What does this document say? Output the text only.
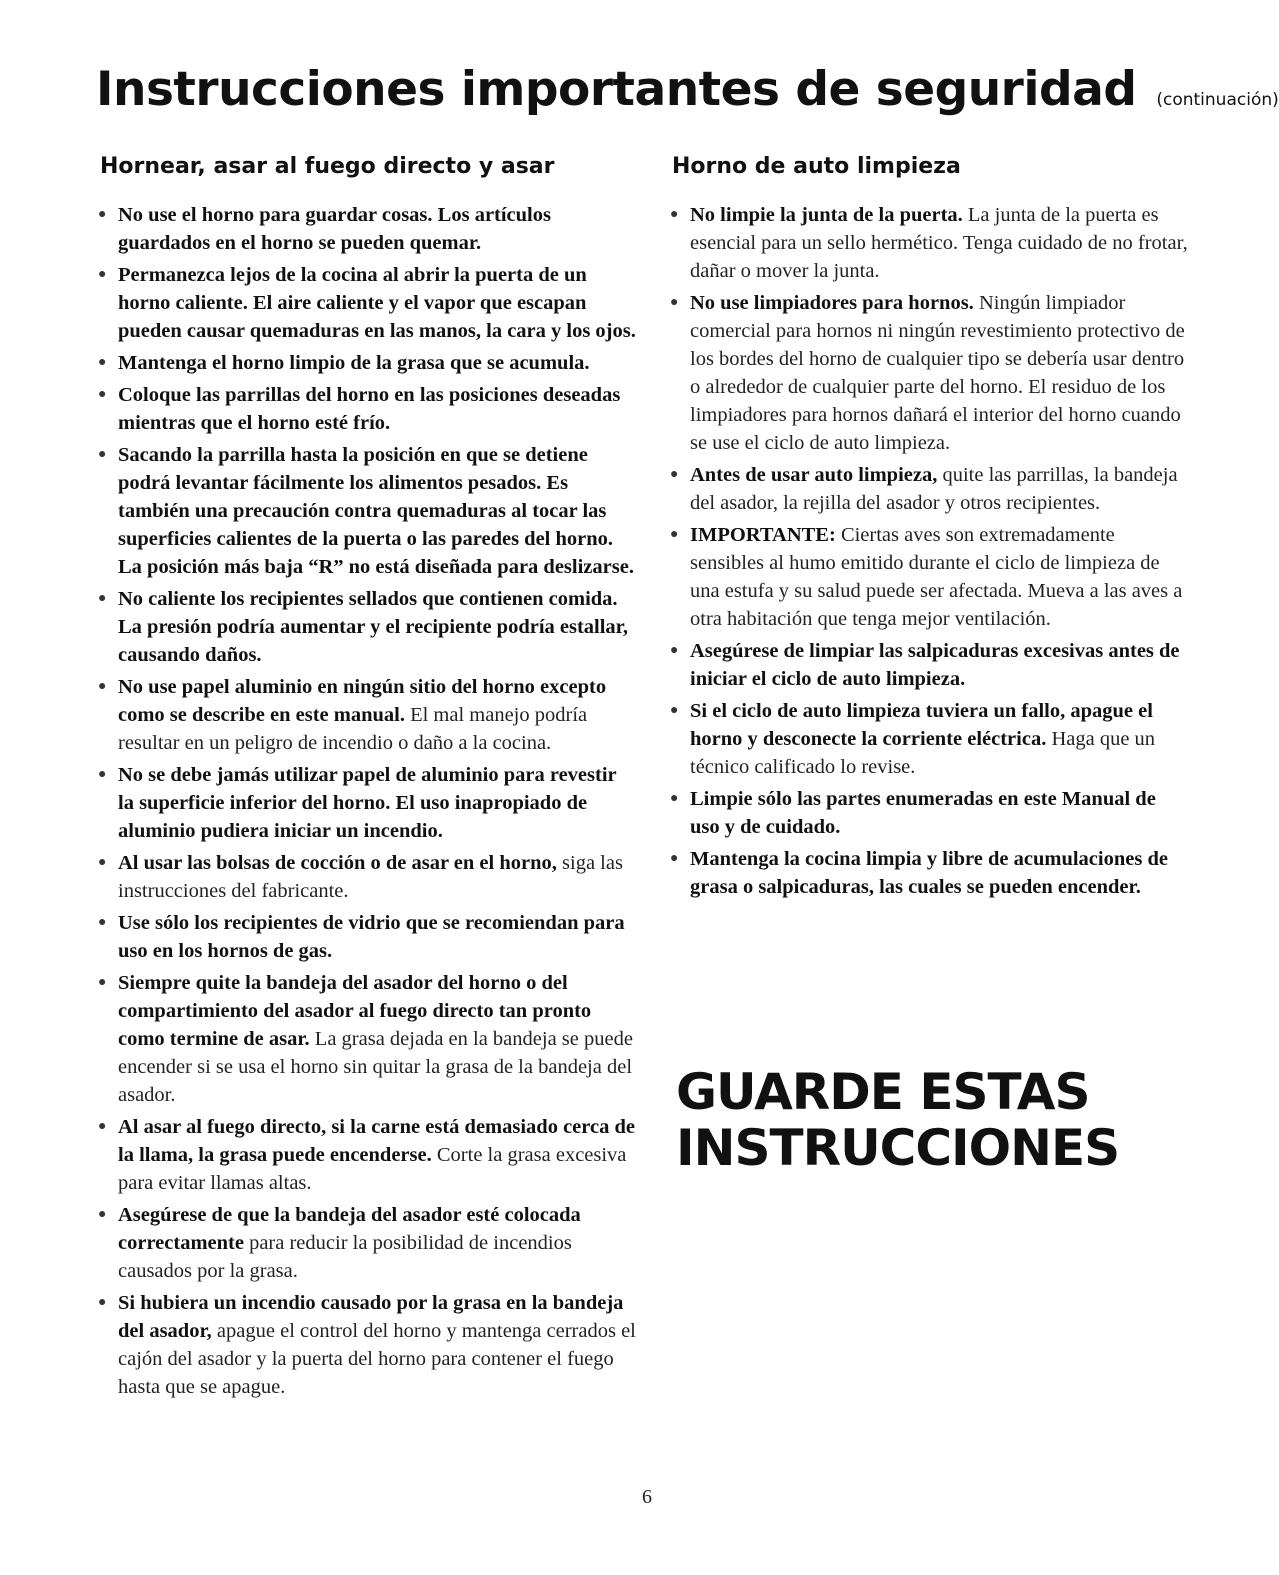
Instrucciones importantes de seguridad (continuación)
Hornear, asar al fuego directo y asar
● No use el horno para guardar cosas. Los artículos guardados en el horno se pueden quemar.
● Permanezca lejos de la cocina al abrir la puerta de un horno caliente. El aire caliente y el vapor que escapan pueden causar quemaduras en las manos, la cara y los ojos.
● Mantenga el horno limpio de la grasa que se acumula.
● Coloque las parrillas del horno en las posiciones deseadas mientras que el horno esté frío.
● Sacando la parrilla hasta la posición en que se detiene podrá levantar fácilmente los alimentos pesados. Es también una precaución contra quemaduras al tocar las superficies calientes de la puerta o las paredes del horno. La posición más baja “R” no está diseñada para deslizarse.
● No caliente los recipientes sellados que contienen comida. La presión podría aumentar y el recipiente podría estallar, causando daños.
● No use papel aluminio en ningún sitio del horno excepto como se describe en este manual. El mal manejo podría resultar en un peligro de incendio o daño a la cocina.
● No se debe jamás utilizar papel de aluminio para revestir la superficie inferior del horno. El uso inapropiado de aluminio pudiera iniciar un incendio.
● Al usar las bolsas de cocción o de asar en el horno, siga las instrucciones del fabricante.
● Use sólo los recipientes de vidrio que se recomiendan para uso en los hornos de gas.
● Siempre quite la bandeja del asador del horno o del compartimiento del asador al fuego directo tan pronto como termine de asar. La grasa dejada en la bandeja se puede encender si se usa el horno sin quitar la grasa de la bandeja del asador.
● Al asar al fuego directo, si la carne está demasiado cerca de la llama, la grasa puede encenderse. Corte la grasa excesiva para evitar llamas altas.
● Asegúrese de que la bandeja del asador esté colocada correctamente para reducir la posibilidad de incendios causados por la grasa.
● Si hubiera un incendio causado por la grasa en la bandeja del asador, apague el control del horno y mantenga cerrados el cajón del asador y la puerta del horno para contener el fuego hasta que se apague.
Horno de auto limpieza
● No limpie la junta de la puerta. La junta de la puerta es esencial para un sello hermético. Tenga cuidado de no frotar, dañar o mover la junta.
● No use limpiadores para hornos. Ningún limpiador comercial para hornos ni ningún revestimiento protectivo de los bordes del horno de cualquier tipo se debería usar dentro o alrededor de cualquier parte del horno. El residuo de los limpiadores para hornos dañará el interior del horno cuando se use el ciclo de auto limpieza.
● Antes de usar auto limpieza, quite las parrillas, la bandeja del asador, la rejilla del asador y otros recipientes.
● IMPORTANTE: Ciertas aves son extremadamente sensibles al humo emitido durante el ciclo de limpieza de una estufa y su salud puede ser afectada. Mueva a las aves a otra habitación que tenga mejor ventilación.
● Asegúrese de limpiar las salpicaduras excesivas antes de iniciar el ciclo de auto limpieza.
● Si el ciclo de auto limpieza tuviera un fallo, apague el horno y desconecte la corriente eléctrica. Haga que un técnico calificado lo revise.
● Limpie sólo las partes enumeradas en este Manual de uso y de cuidado.
● Mantenga la cocina limpia y libre de acumulaciones de grasa o salpicaduras, las cuales se pueden encender.
GUARDE ESTAS
INSTRUCCIONES
6
